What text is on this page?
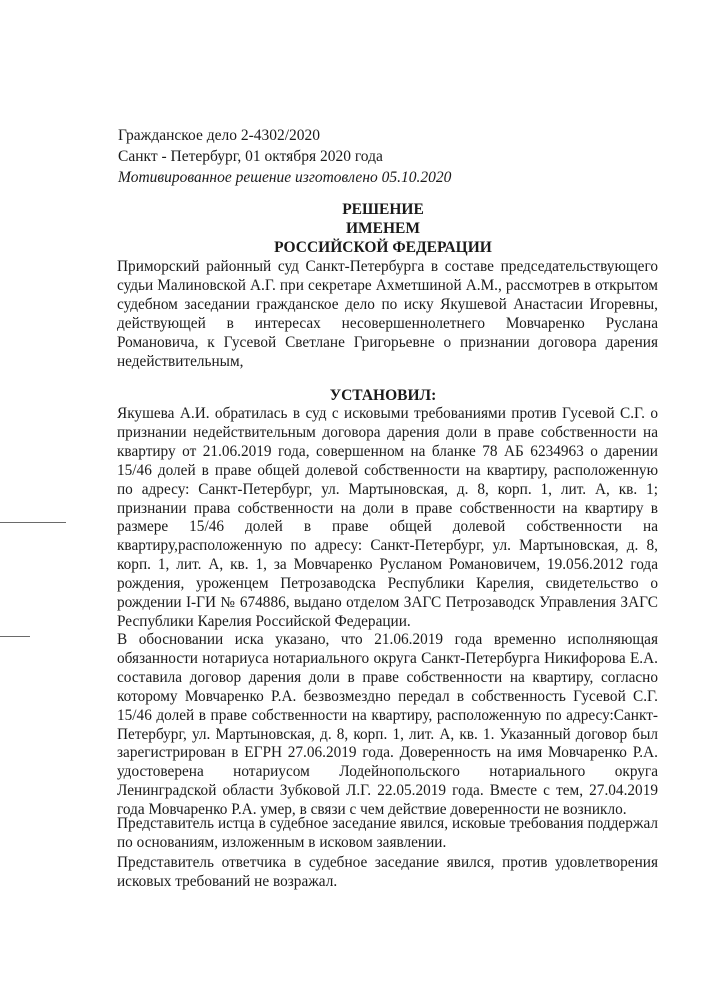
Гражданское дело 2-4302/2020
Санкт - Петербург, 01 октября 2020 года
Мотивированное решение изготовлено 05.10.2020
РЕШЕНИЕ
ИМЕНЕМ
РОССИЙСКОЙ ФЕДЕРАЦИИ

Приморский районный суд Санкт-Петербурга в составе председательствующего судьи Малиновской А.Г. при секретаре Ахметшиной А.М., рассмотрев в открытом судебном заседании гражданское дело по иску Якушевой Анастасии Игоревны, действующей в интересах несовершеннолетнего Мовчаренко Руслана Романовича, к Гусевой Светлане Григорьевне о признании договора дарения недействительным,

УСТАНОВИЛ:

Якушева А.И. обратилась в суд с исковыми требованиями против Гусевой С.Г. о признании недействительным договора дарения доли в праве собственности на квартиру от 21.06.2019 года, совершенном на бланке 78 АБ 6234963 о дарении 15/46 долей в праве общей долевой собственности на квартиру, расположенную по адресу: Санкт-Петербург, ул. Мартыновская, д. 8, корп. 1, лит. А, кв. 1; признании права собственности на доли в праве собственности на квартиру в размере 15/46 долей в праве общей долевой собственности на квартиру,расположенную по адресу: Санкт-Петербург, ул. Мартыновская, д. 8, корп. 1, лит. А, кв. 1, за Мовчаренко Русланом Романовичем, 19.056.2012 года рождения, уроженцем Петрозаводска Республики Карелия, свидетельство о рождении I-ГИ № 674886, выдано отделом ЗАГС Петрозаводск Управления ЗАГС Республики Карелия Российской Федерации.

В обосновании иска указано, что 21.06.2019 года временно исполняющая обязанности нотариуса нотариального округа Санкт-Петербурга Никифорова Е.А. составила договор дарения доли в праве собственности на квартиру, согласно которому Мовчаренко Р.А. безвозмездно передал в собственность Гусевой С.Г. 15/46 долей в праве собственности на квартиру, расположенную по адресу:Санкт-Петербург, ул. Мартыновская, д. 8, корп. 1, лит. А, кв. 1. Указанный договор был зарегистрирован в ЕГРН 27.06.2019 года. Доверенность на имя Мовчаренко Р.А. удостоверена нотариусом Лодейнопольского нотариального округа Ленинградской области Зубковой Л.Г. 22.05.2019 года. Вместе с тем, 27.04.2019 года Мовчаренко Р.А. умер, в связи с чем действие доверенности не возникло.

Представитель истца в судебное заседание явился, исковые требования поддержал по основаниям, изложенным в исковом заявлении.

Представитель ответчика в судебное заседание явился, против удовлетворения исковых требований не возражал.
